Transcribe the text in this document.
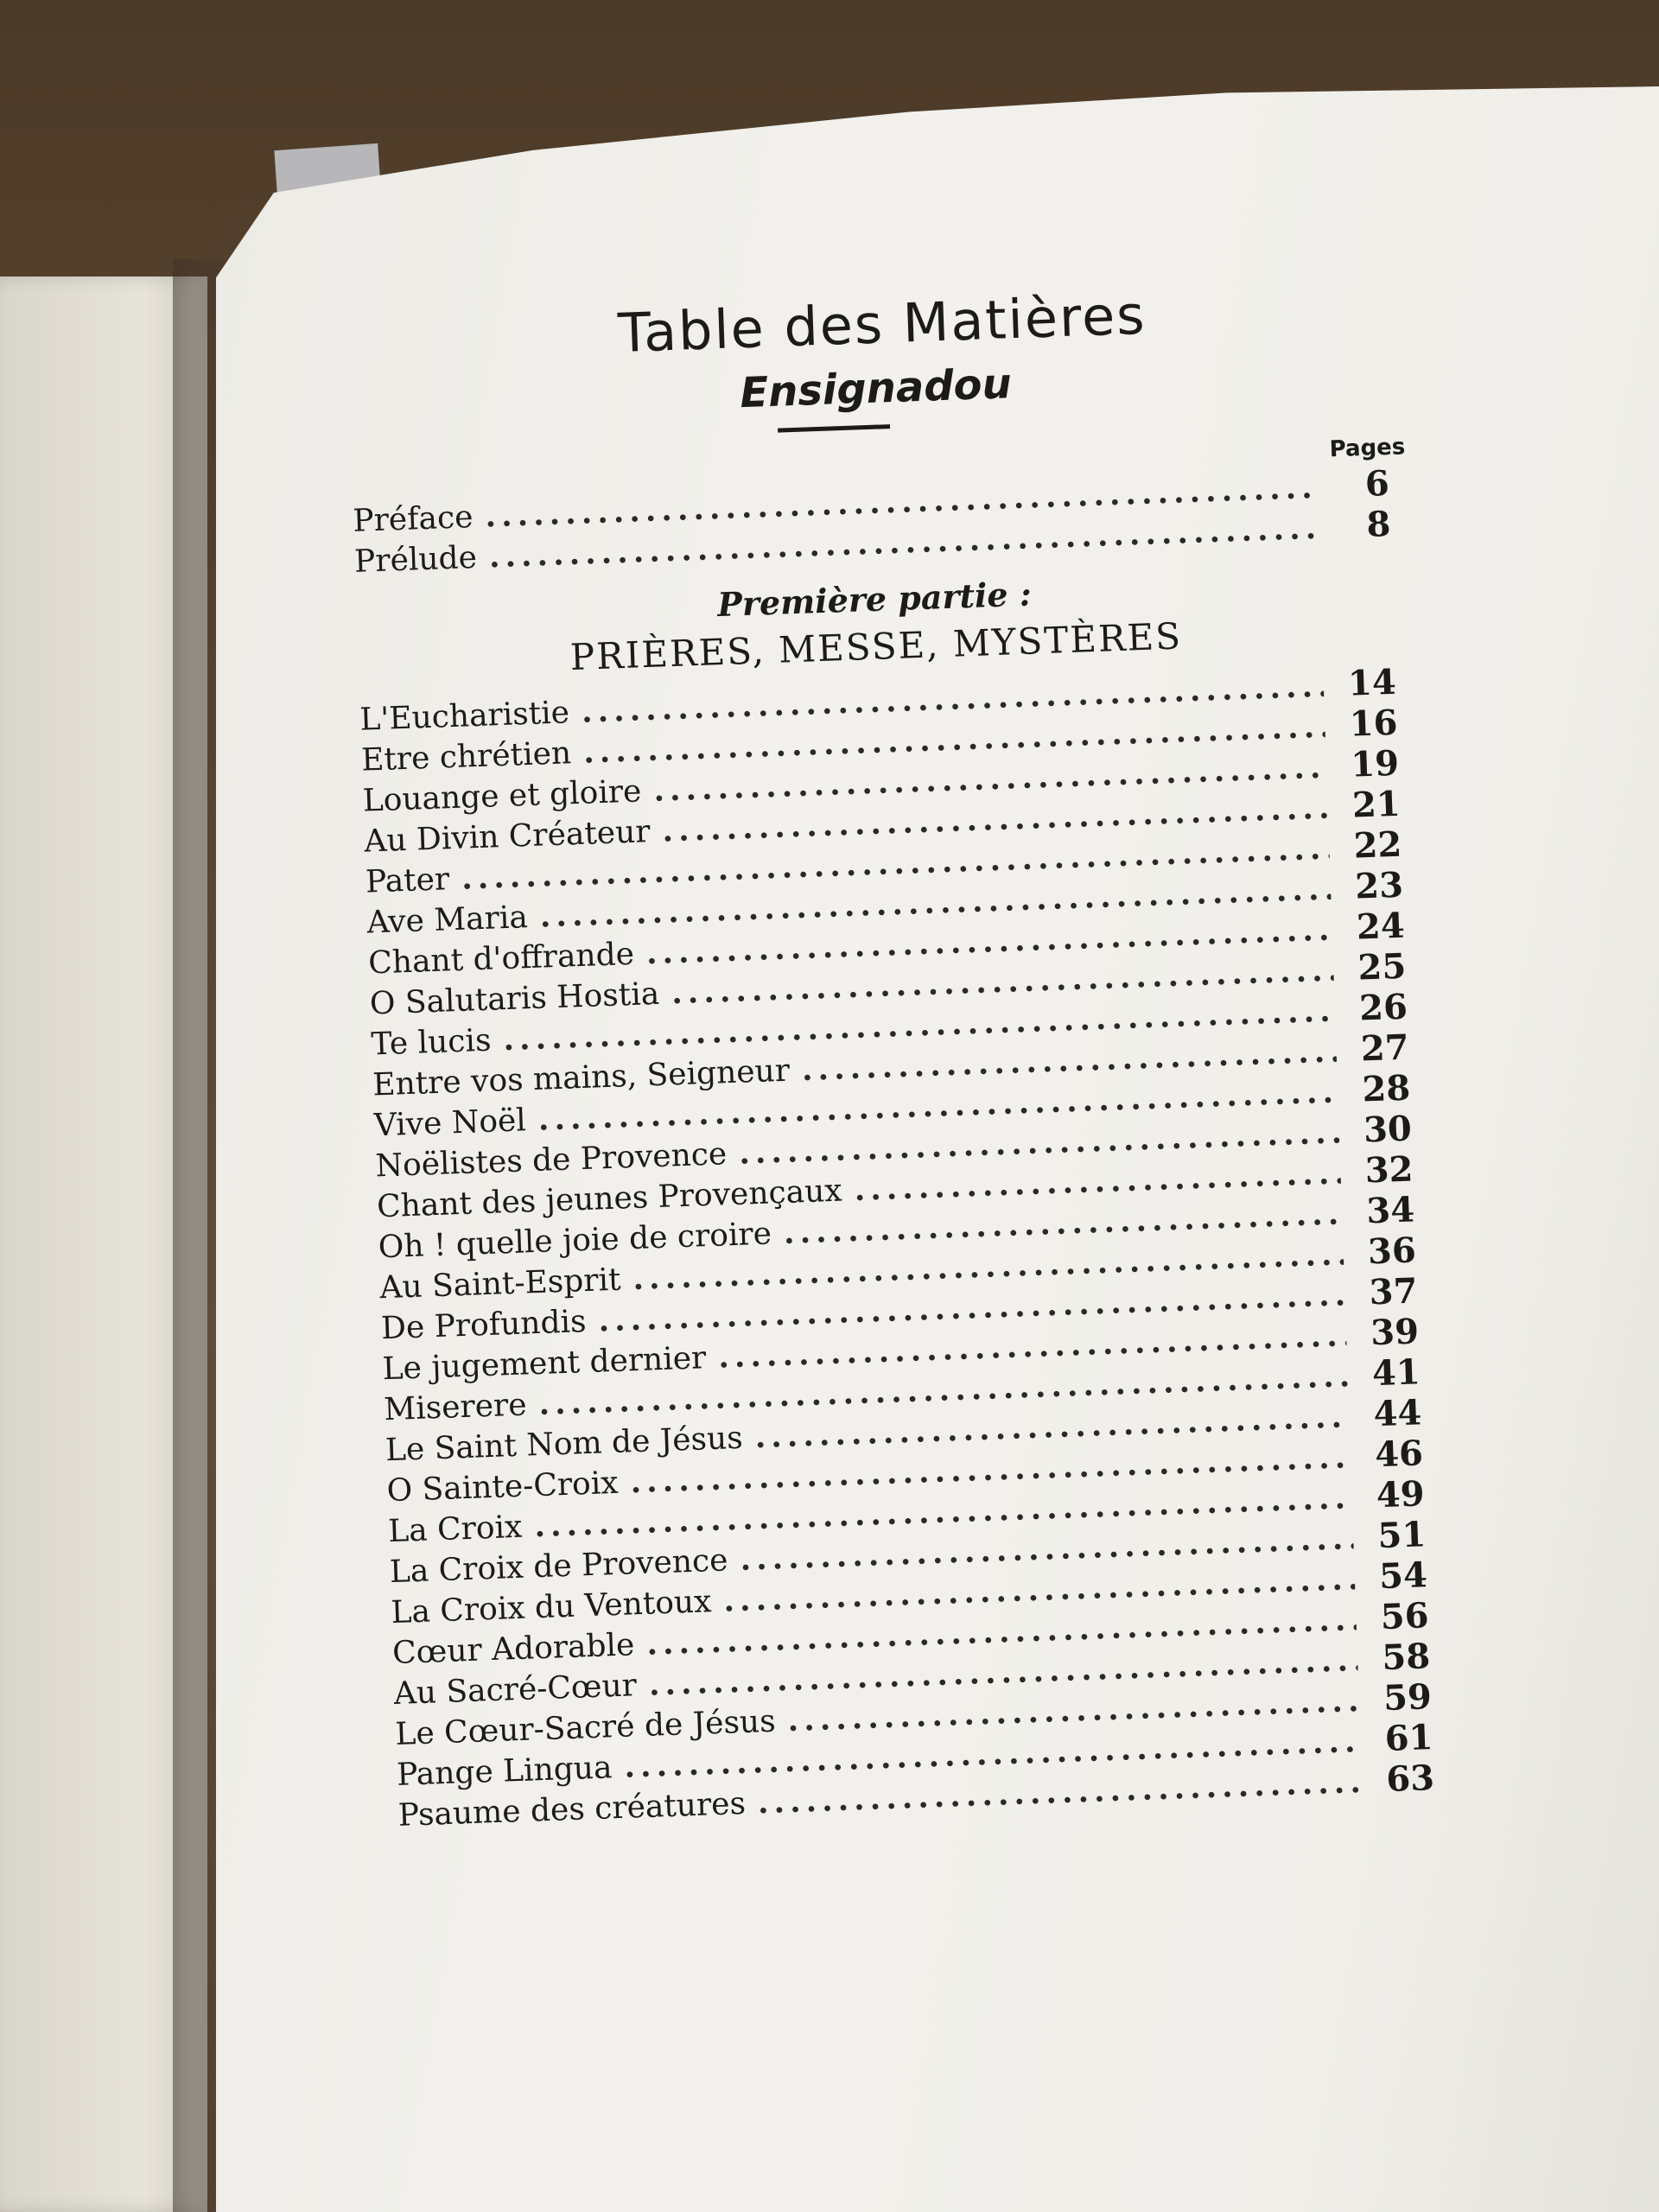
Table des Matières
Ensignadou
Pages
Préface
.....
6
Prélude
.....
8
Première partie :
PRIÈRES, MESSE, MYSTÈRES
L'Eucharistie
.....
14
Etre chrétien
.....
16
Louange et gloire
.....
19
Au Divin Créateur
.....
21
Pater
.....
22
Ave Maria
.....
23
Chant d'offrande
.....
24
O Salutaris Hostia
.....
25
Te lucis
.....
26
Entre vos mains, Seigneur
.....
27
Vive Noël
.....
28
Noëlistes de Provence
.....
30
Chant des jeunes Provençaux
.....
32
Oh ! quelle joie de croire
.....
34
Au Saint-Esprit
.....
36
De Profundis
.....
37
Le jugement dernier
.....
39
Miserere
.....
41
Le Saint Nom de Jésus
.....
44
O Sainte-Croix
.....
46
La Croix
.....
49
La Croix de Provence
.....
51
La Croix du Ventoux
.....
54
Cœur Adorable
.....
56
Au Sacré-Cœur
.....
58
Le Cœur-Sacré de Jésus
.....
59
Pange Lingua
.....
61
Psaume des créatures
.....
63
